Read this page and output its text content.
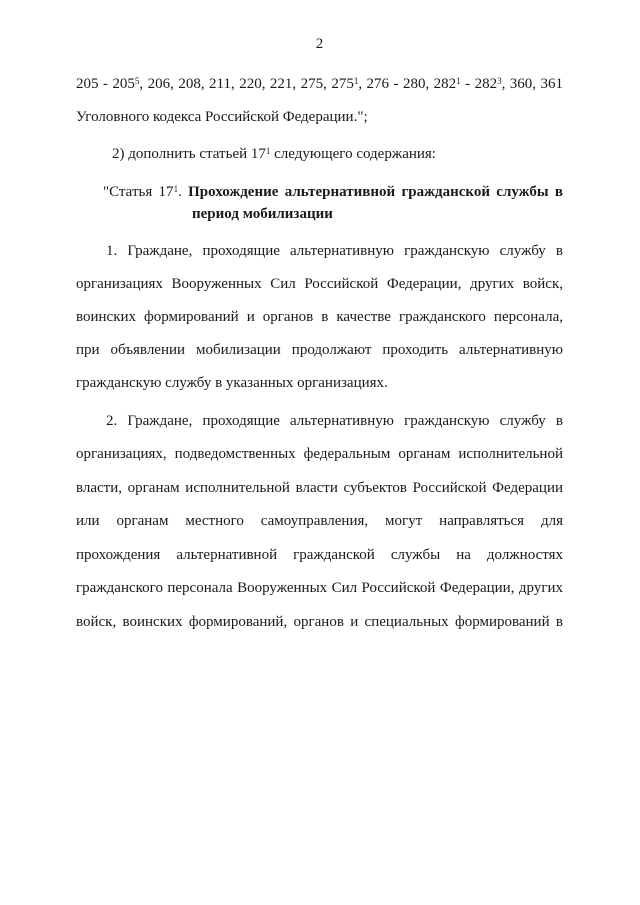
2
$205 - 205^5$, 206, 208, 211, 220, 221, 275, $275^1$, 276 - 280, $282^1 - 282^3$, 360, 361
Уголовного кодекса Российской Федерации.";
2) дополнить статьей $17^1$ следующего содержания:
"Статья $17^1$. Прохождение альтернативной гражданской службы в
период мобилизации
1. Граждане, проходящие альтернативную гражданскую службу в
организациях Вооруженных Сил Российской Федерации, других войск,
воинских формирований и органов в качестве гражданского персонала,
при объявлении мобилизации продолжают проходить альтернативную
гражданскую службу в указанных организациях.
2. Граждане, проходящие альтернативную гражданскую службу в
организациях, подведомственных федеральным органам исполнительной
власти, органам исполнительной власти субъектов Российской Федерации
или органам местного самоуправления, могут направляться для
прохождения альтернативной гражданской службы на должностях
гражданского персонала Вооруженных Сил Российской Федерации, других
войск, воинских формирований, органов и специальных формирований в
